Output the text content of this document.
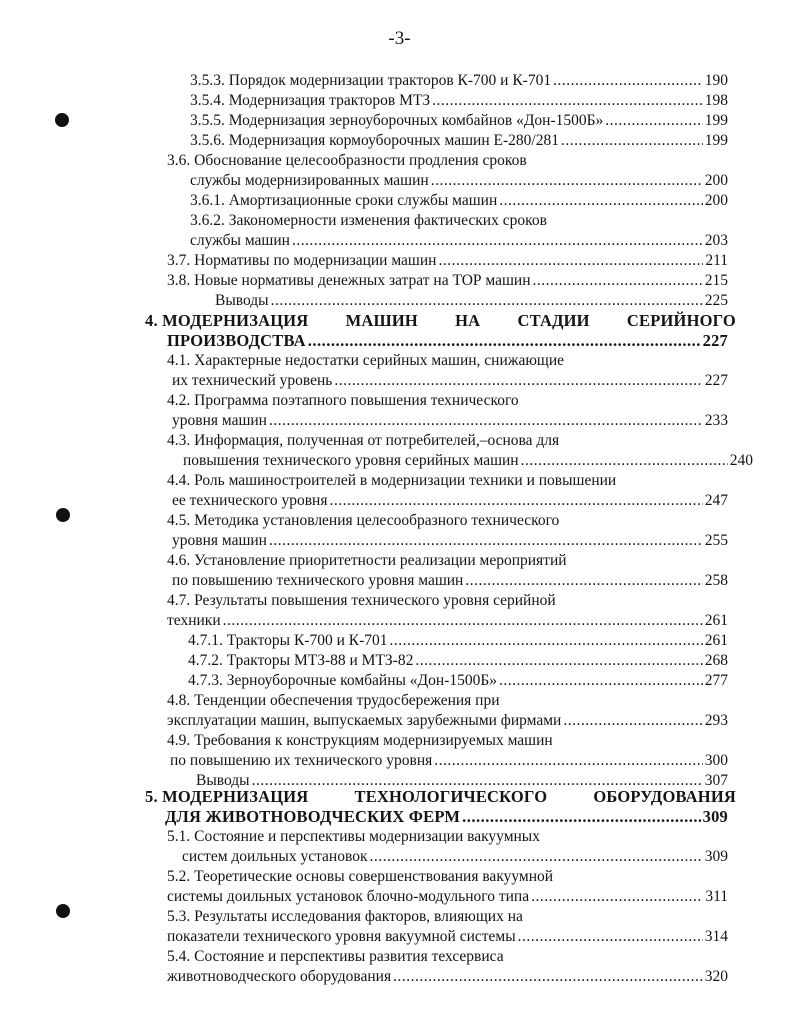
-3-
3.5.3. Порядок модернизации тракторов К-700 и К-701 .....	190
3.5.4. Модернизация тракторов МТЗ .....	198
3.5.5. Модернизация зерноуборочных комбайнов «Дон-1500Б» .....	199
3.5.6. Модернизация кормоуборочных машин Е-280/281 .....	199
3.6. Обоснование целесообразности продления сроков
службы модернизированных машин .....	200
3.6.1. Амортизационные сроки службы машин .....	200
3.6.2. Закономерности изменения фактических сроков
службы машин .....	203
3.7. Нормативы по модернизации машин .....	211
3.8. Новые нормативы денежных затрат на ТОР машин .....	215
Выводы .....	225
4. МОДЕРНИЗАЦИЯ МАШИН НА СТАДИИ СЕРИЙНОГО
ПРОИЗВОДСТВА .....	227
4.1. Характерные недостатки серийных машин, снижающие
их технический уровень .....	227
4.2. Программа поэтапного повышения технического
уровня машин .....	233
4.3. Информация, полученная от потребителей,–основа для
повышения технического уровня серийных машин .....	240
4.4. Роль машиностроителей в модернизации техники и повышении
ее технического уровня .....	247
4.5. Методика установления целесообразного технического
уровня машин .....	255
4.6. Установление приоритетности реализации мероприятий
по повышению технического уровня машин .....	258
4.7. Результаты повышения технического уровня серийной
техники .....	261
4.7.1. Тракторы К-700 и К-701 .....	261
4.7.2. Тракторы МТЗ-88 и МТЗ-82 .....	268
4.7.3. Зерноуборочные комбайны «Дон-1500Б» .....	277
4.8. Тенденции обеспечения трудосбережения при
эксплуатации машин, выпускаемых зарубежными фирмами .....	293
4.9. Требования к конструкциям модернизируемых машин
по повышению их технического уровня .....	300
Выводы .....	307
5. МОДЕРНИЗАЦИЯ	ТЕХНОЛОГИЧЕСКОГО	ОБОРУДОВАНИЯ
ДЛЯ ЖИВОТНОВОДЧЕСКИХ ФЕРМ .....	309
5.1. Состояние и перспективы модернизации вакуумных
систем доильных установок .....	309
5.2. Теоретические основы совершенствования вакуумной
системы доильных установок блочно-модульного типа .....	311
5.3. Результаты исследования факторов, влияющих на
показатели технического уровня вакуумной системы .....	314
5.4. Состояние и перспективы развития техсервиса
животноводческого оборудования .....	320
